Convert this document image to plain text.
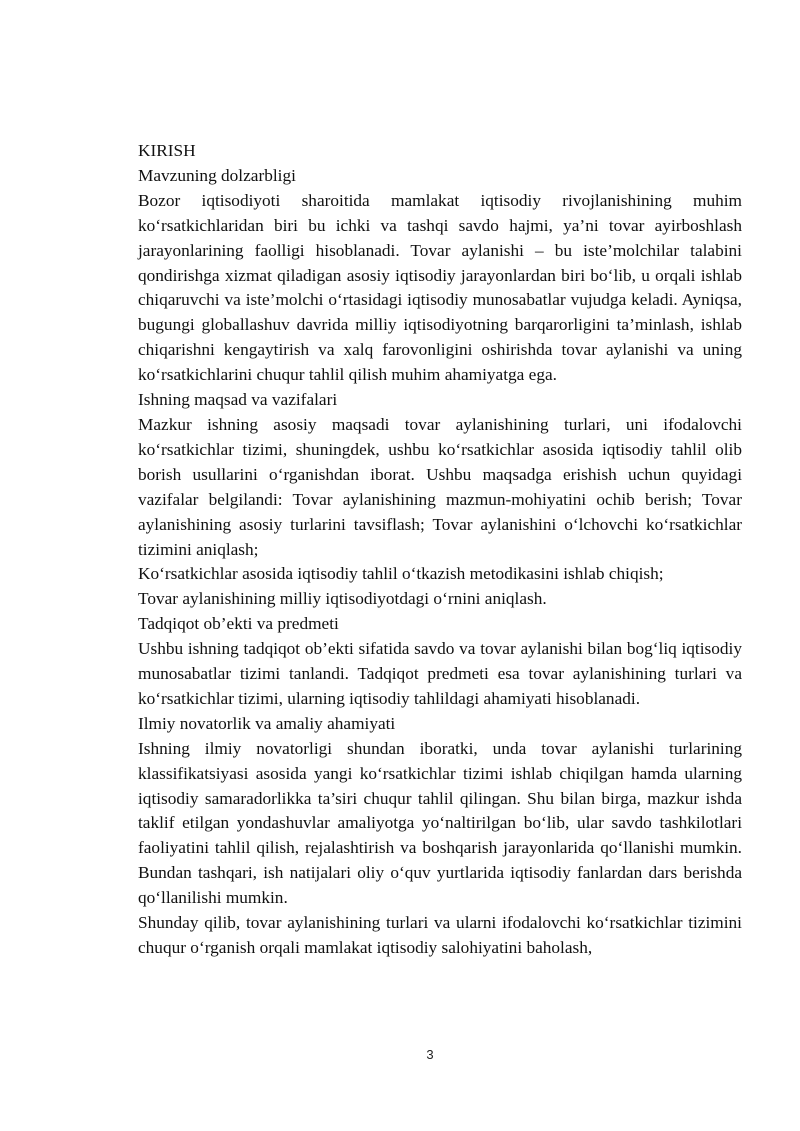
KIRISH

Mavzuning dolzarbligi

Bozor iqtisodiyoti sharoitida mamlakat iqtisodiy rivojlanishining muhim ko‘rsatkichlaridan biri bu ichki va tashqi savdo hajmi, ya’ni tovar ayirboshlash jarayonlarining faolligi hisoblanadi. Tovar aylanishi – bu iste’molchilar talabini qondirishga xizmat qiladigan asosiy iqtisodiy jarayonlardan biri bo‘lib, u orqali ishlab chiqaruvchi va iste’molchi o‘rtasidagi iqtisodiy munosabatlar vujudga keladi. Ayniqsa, bugungi globallashuv davrida milliy iqtisodiyotning barqarorligini ta’minlash, ishlab chiqarishni kengaytirish va xalq farovonligini oshirishda tovar aylanishi va uning ko‘rsatkichlarini chuqur tahlil qilish muhim ahamiyatga ega.

Ishning maqsad va vazifalari

Mazkur ishning asosiy maqsadi tovar aylanishining turlari, uni ifodalovchi ko‘rsatkichlar tizimi, shuningdek, ushbu ko‘rsatkichlar asosida iqtisodiy tahlil olib borish usullarini o‘rganishdan iborat. Ushbu maqsadga erishish uchun quyidagi vazifalar belgilandi: Tovar aylanishining mazmun-mohiyatini ochib berish; Tovar aylanishining asosiy turlarini tavsiflash; Tovar aylanishini o‘lchovchi ko‘rsatkichlar tizimini aniqlash;

Ko‘rsatkichlar asosida iqtisodiy tahlil o‘tkazish metodikasini ishlab chiqish;

Tovar aylanishining milliy iqtisodiyotdagi o‘rnini aniqlash.

Tadqiqot ob’ekti va predmeti

Ushbu ishning tadqiqot ob’ekti sifatida savdo va tovar aylanishi bilan bog‘liq iqtisodiy munosabatlar tizimi tanlandi. Tadqiqot predmeti esa tovar aylanishining turlari va ko‘rsatkichlar tizimi, ularning iqtisodiy tahlildagi ahamiyati hisoblanadi.

Ilmiy novatorlik va amaliy ahamiyati

Ishning ilmiy novatorligi shundan iboratki, unda tovar aylanishi turlarining klassifikatsiyasi asosida yangi ko‘rsatkichlar tizimi ishlab chiqilgan hamda ularning iqtisodiy samaradorlikka ta’siri chuqur tahlil qilingan. Shu bilan birga, mazkur ishda taklif etilgan yondashuvlar amaliyotga yo‘naltirilgan bo‘lib, ular savdo tashkilotlari faoliyatini tahlil qilish, rejalashtirish va boshqarish jarayonlarida qo‘llanishi mumkin. Bundan tashqari, ish natijalari oliy o‘quv yurtlarida iqtisodiy fanlardan dars berishda qo‘llanilishi mumkin.

Shunday qilib, tovar aylanishining turlari va ularni ifodalovchi ko‘rsatkichlar tizimini chuqur o‘rganish orqali mamlakat iqtisodiy salohiyatini baholash,

3
